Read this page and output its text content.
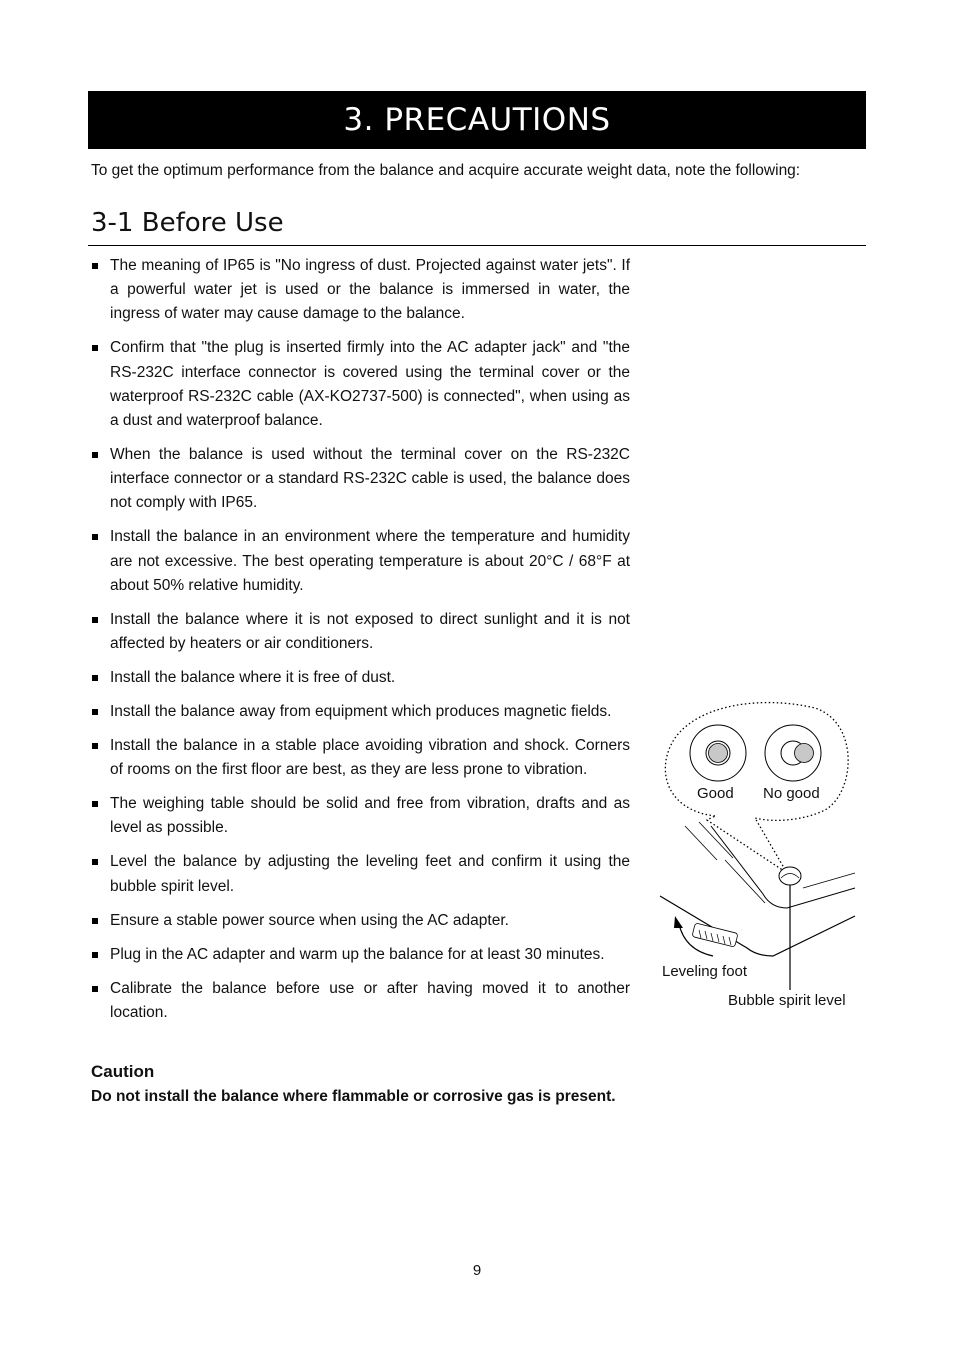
3. PRECAUTIONS
To get the optimum performance from the balance and acquire accurate weight data, note the following:
3-1 Before Use
The meaning of IP65 is "No ingress of dust. Projected against water jets". If a powerful water jet is used or the balance is immersed in water, the ingress of water may cause damage to the balance.
Confirm that "the plug is inserted firmly into the AC adapter jack" and "the RS-232C interface connector is covered using the terminal cover or the waterproof RS-232C cable (AX-KO2737-500) is connected", when using as a dust and waterproof balance.
When the balance is used without the terminal cover on the RS-232C interface connector or a standard RS-232C cable is used, the balance does not comply with IP65.
Install the balance in an environment where the temperature and humidity are not excessive. The best operating temperature is about 20°C / 68°F at about 50% relative humidity.
Install the balance where it is not exposed to direct sunlight and it is not affected by heaters or air conditioners.
Install the balance where it is free of dust.
Install the balance away from equipment which produces magnetic fields.
Install the balance in a stable place avoiding vibration and shock. Corners of rooms on the first floor are best, as they are less prone to vibration.
The weighing table should be solid and free from vibration, drafts and as level as possible.
Level the balance by adjusting the leveling feet and confirm it using the bubble spirit level.
Ensure a stable power source when using the AC adapter.
Plug in the AC adapter and warm up the balance for at least 30 minutes.
Calibrate the balance before use or after having moved it to another location.
Good No good
Leveling foot
Bubble spirit level
Caution
Do not install the balance where flammable or corrosive gas is present.
9
